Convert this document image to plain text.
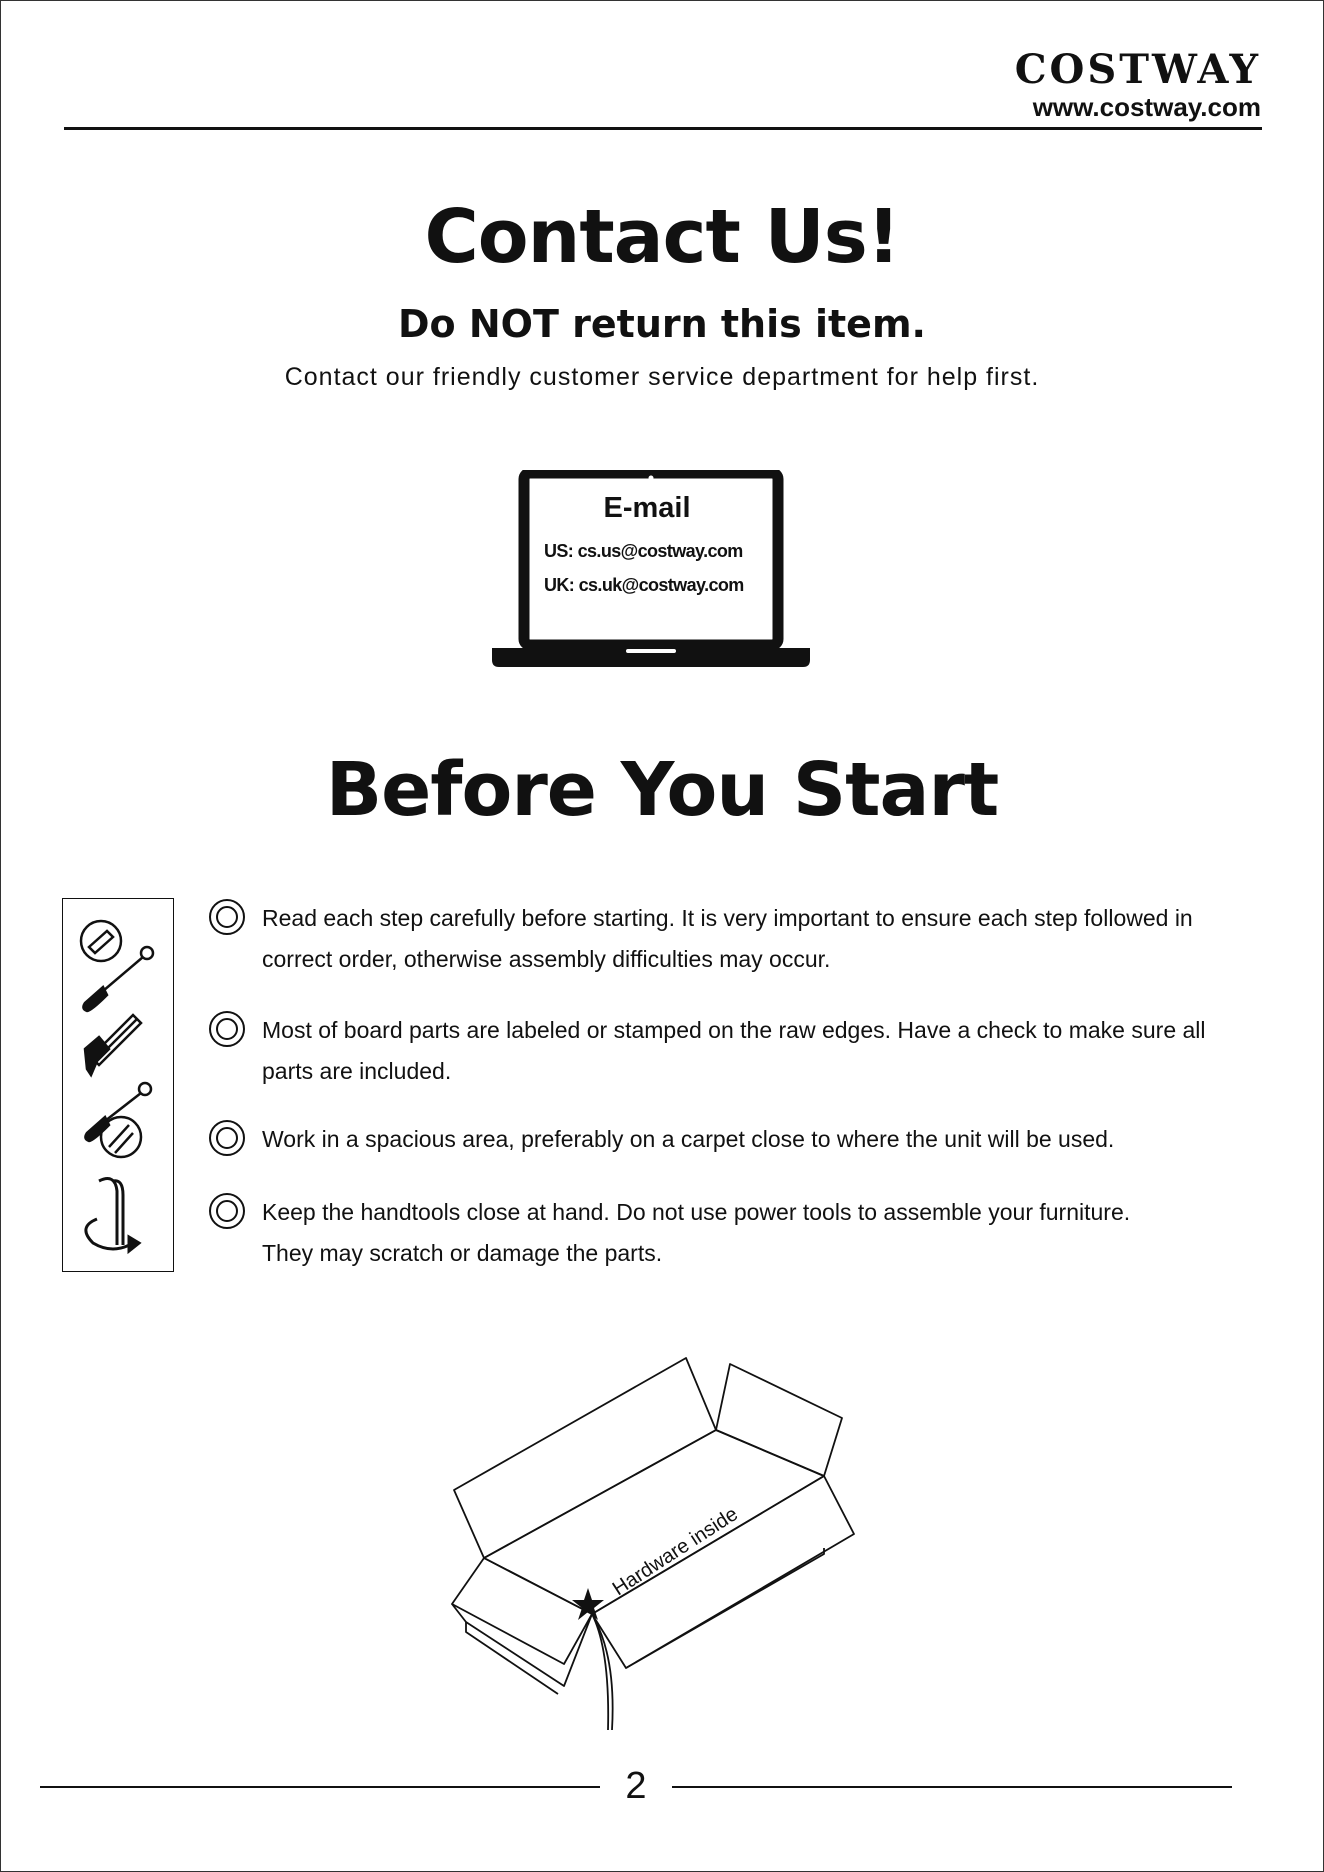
COSTWAY
www.costway.com
Contact Us!
Do NOT return this item.
Contact our friendly customer service department for help first.
E-mail
US: cs.us@costway.com
UK: cs.uk@costway.com
Before You Start
Read each step carefully before starting. It is very important to ensure each step followed in
correct order, otherwise assembly difficulties may occur.
Most of board parts are labeled or stamped on the raw edges. Have a check to make sure all
parts are included.
Work in a spacious area, preferably on a carpet close to where the unit will be used.
Keep the handtools close at hand. Do not use power tools to assemble your furniture.
They may scratch or damage the parts.
Hardware inside
2
